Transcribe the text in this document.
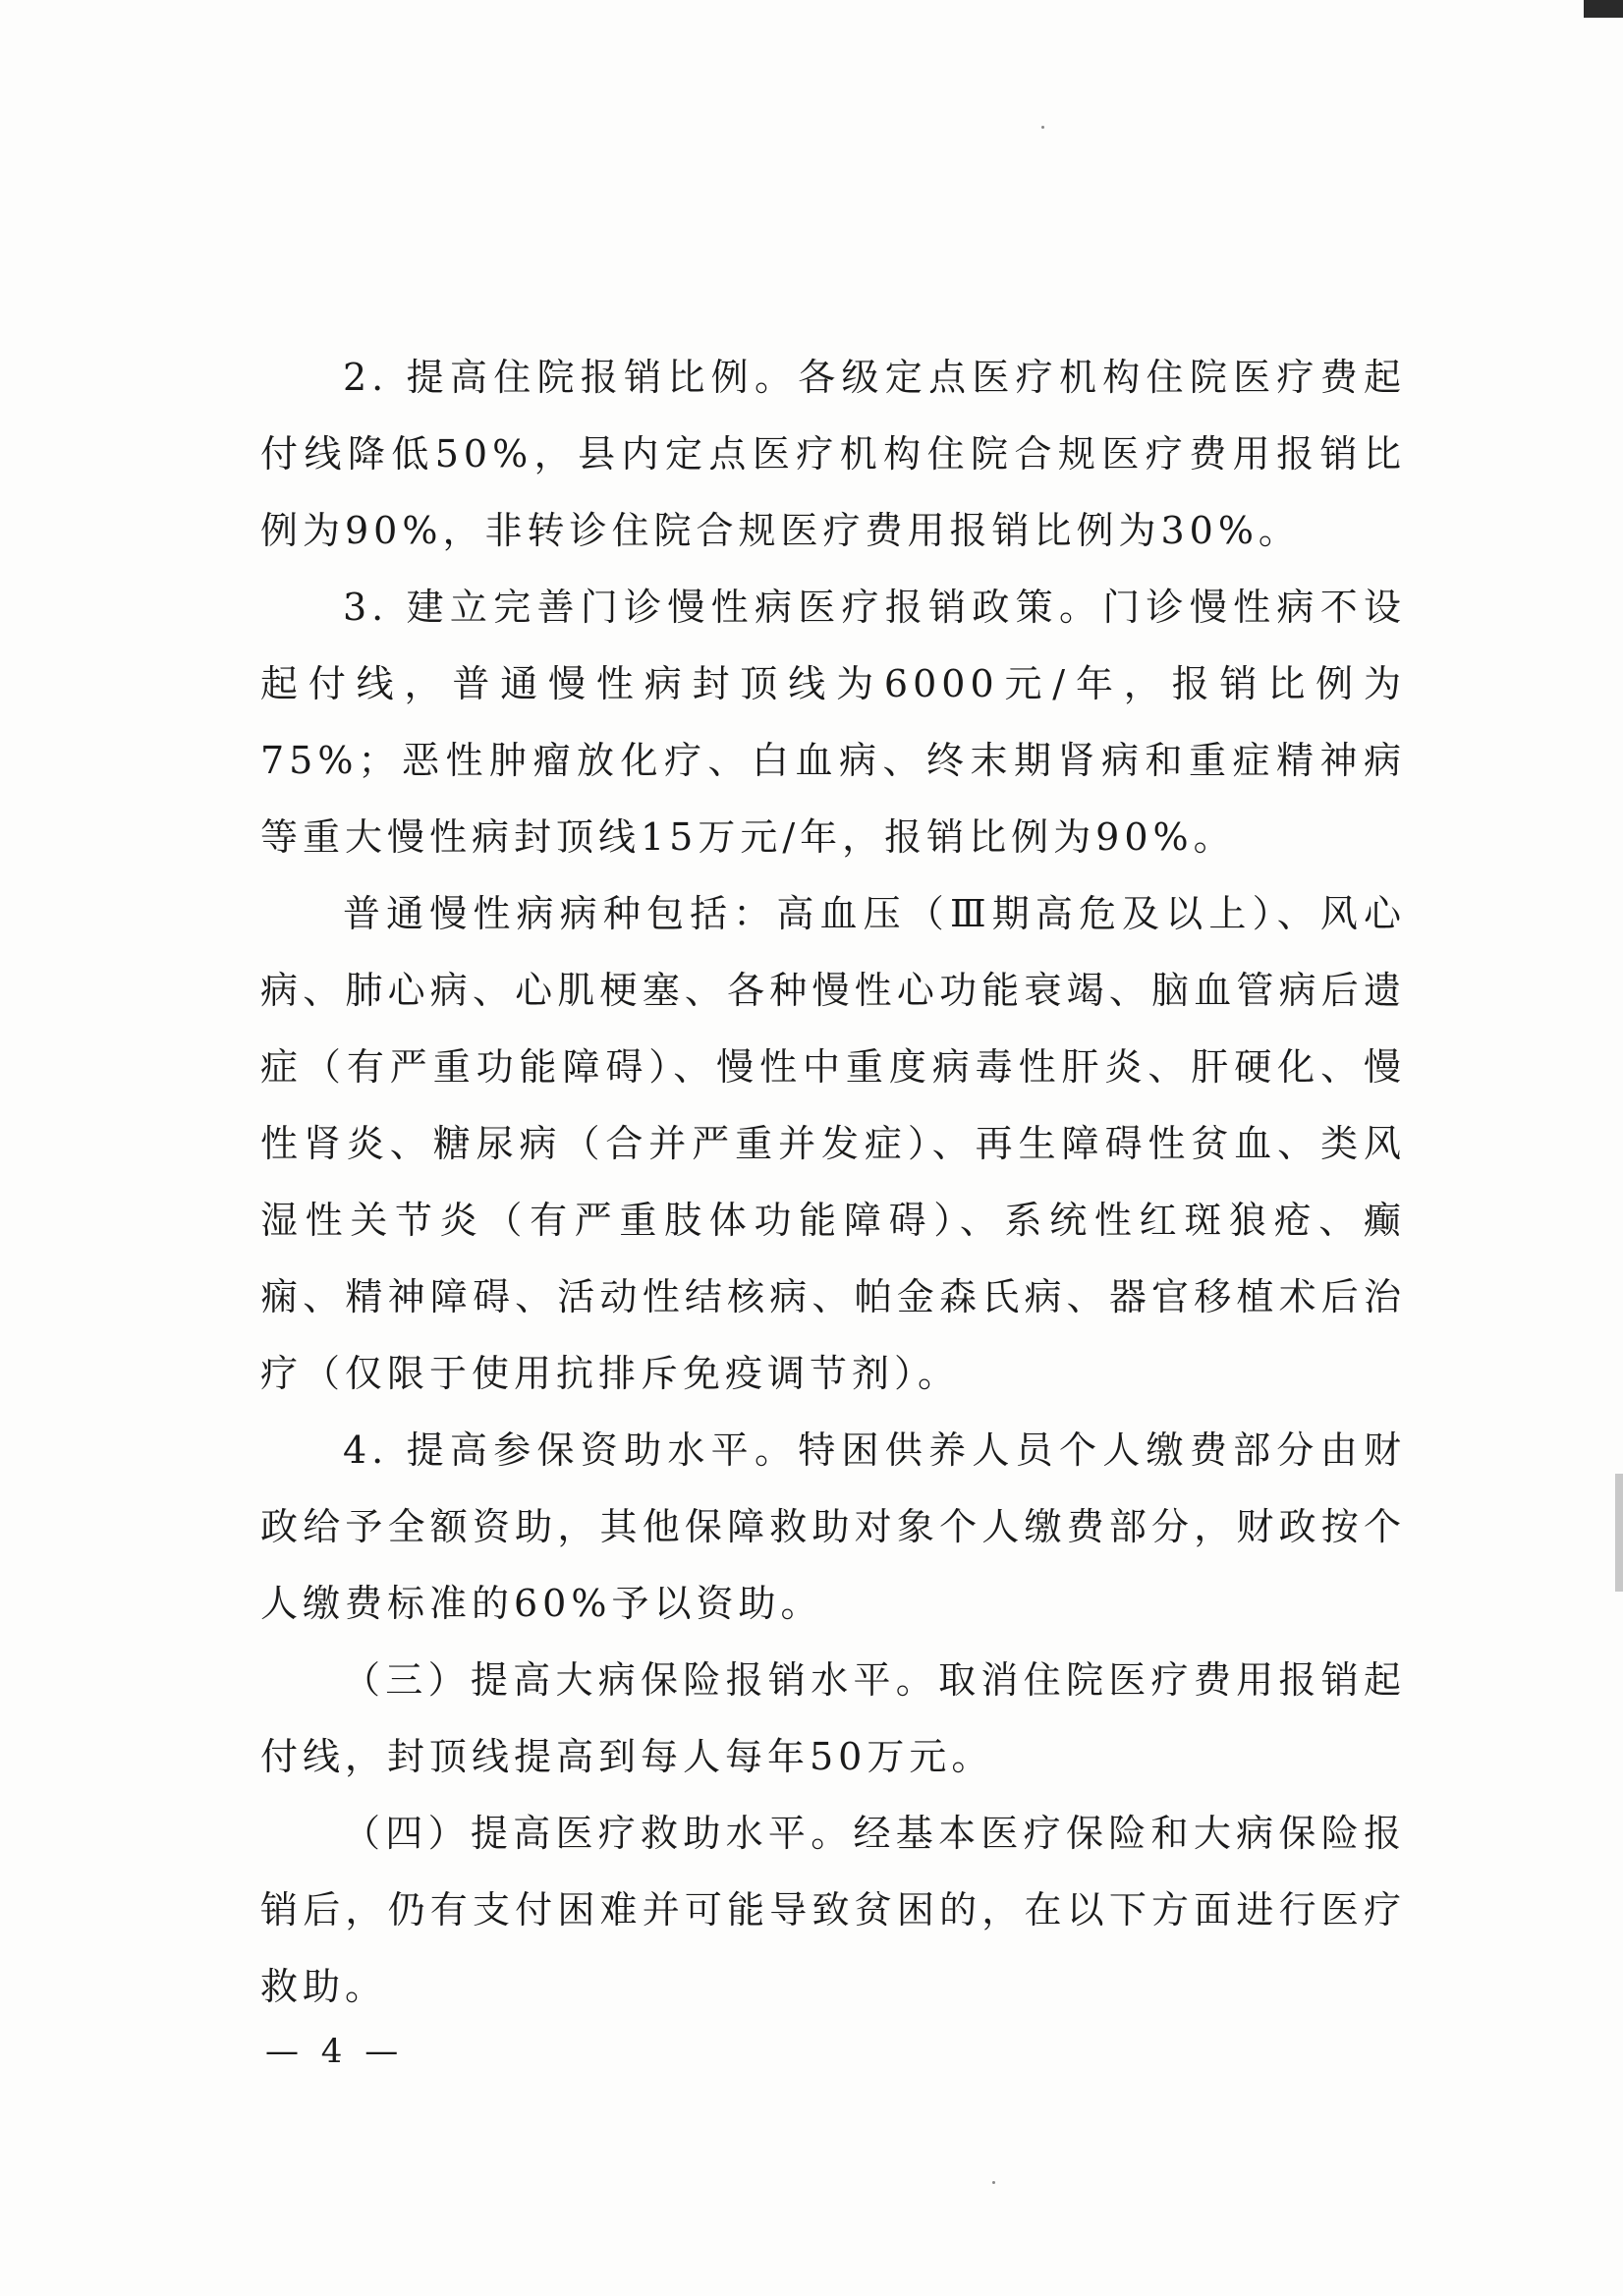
2. 提高住院报销比例。各级定点医疗机构住院医疗费起付线降低50%，县内定点医疗机构住院合规医疗费用报销比例为90%，非转诊住院合规医疗费用报销比例为30%。

3. 建立完善门诊慢性病医疗报销政策。门诊慢性病不设起付线，普通慢性病封顶线为6000元/年，报销比例为75%；恶性肿瘤放化疗、白血病、终末期肾病和重症精神病等重大慢性病封顶线15万元/年，报销比例为90%。

普通慢性病病种包括：高血压（Ⅲ期高危及以上）、风心病、肺心病、心肌梗塞、各种慢性心功能衰竭、脑血管病后遗症（有严重功能障碍）、慢性中重度病毒性肝炎、肝硬化、慢性肾炎、糖尿病（合并严重并发症）、再生障碍性贫血、类风湿性关节炎（有严重肢体功能障碍）、系统性红斑狼疮、癫痫、精神障碍、活动性结核病、帕金森氏病、器官移植术后治疗（仅限于使用抗排斥免疫调节剂）。

4. 提高参保资助水平。特困供养人员个人缴费部分由财政给予全额资助，其他保障救助对象个人缴费部分，财政按个人缴费标准的60%予以资助。

（三）提高大病保险报销水平。取消住院医疗费用报销起付线，封顶线提高到每人每年50万元。

（四）提高医疗救助水平。经基本医疗保险和大病保险报销后，仍有支付困难并可能导致贫困的，在以下方面进行医疗救助。

— 4 —
